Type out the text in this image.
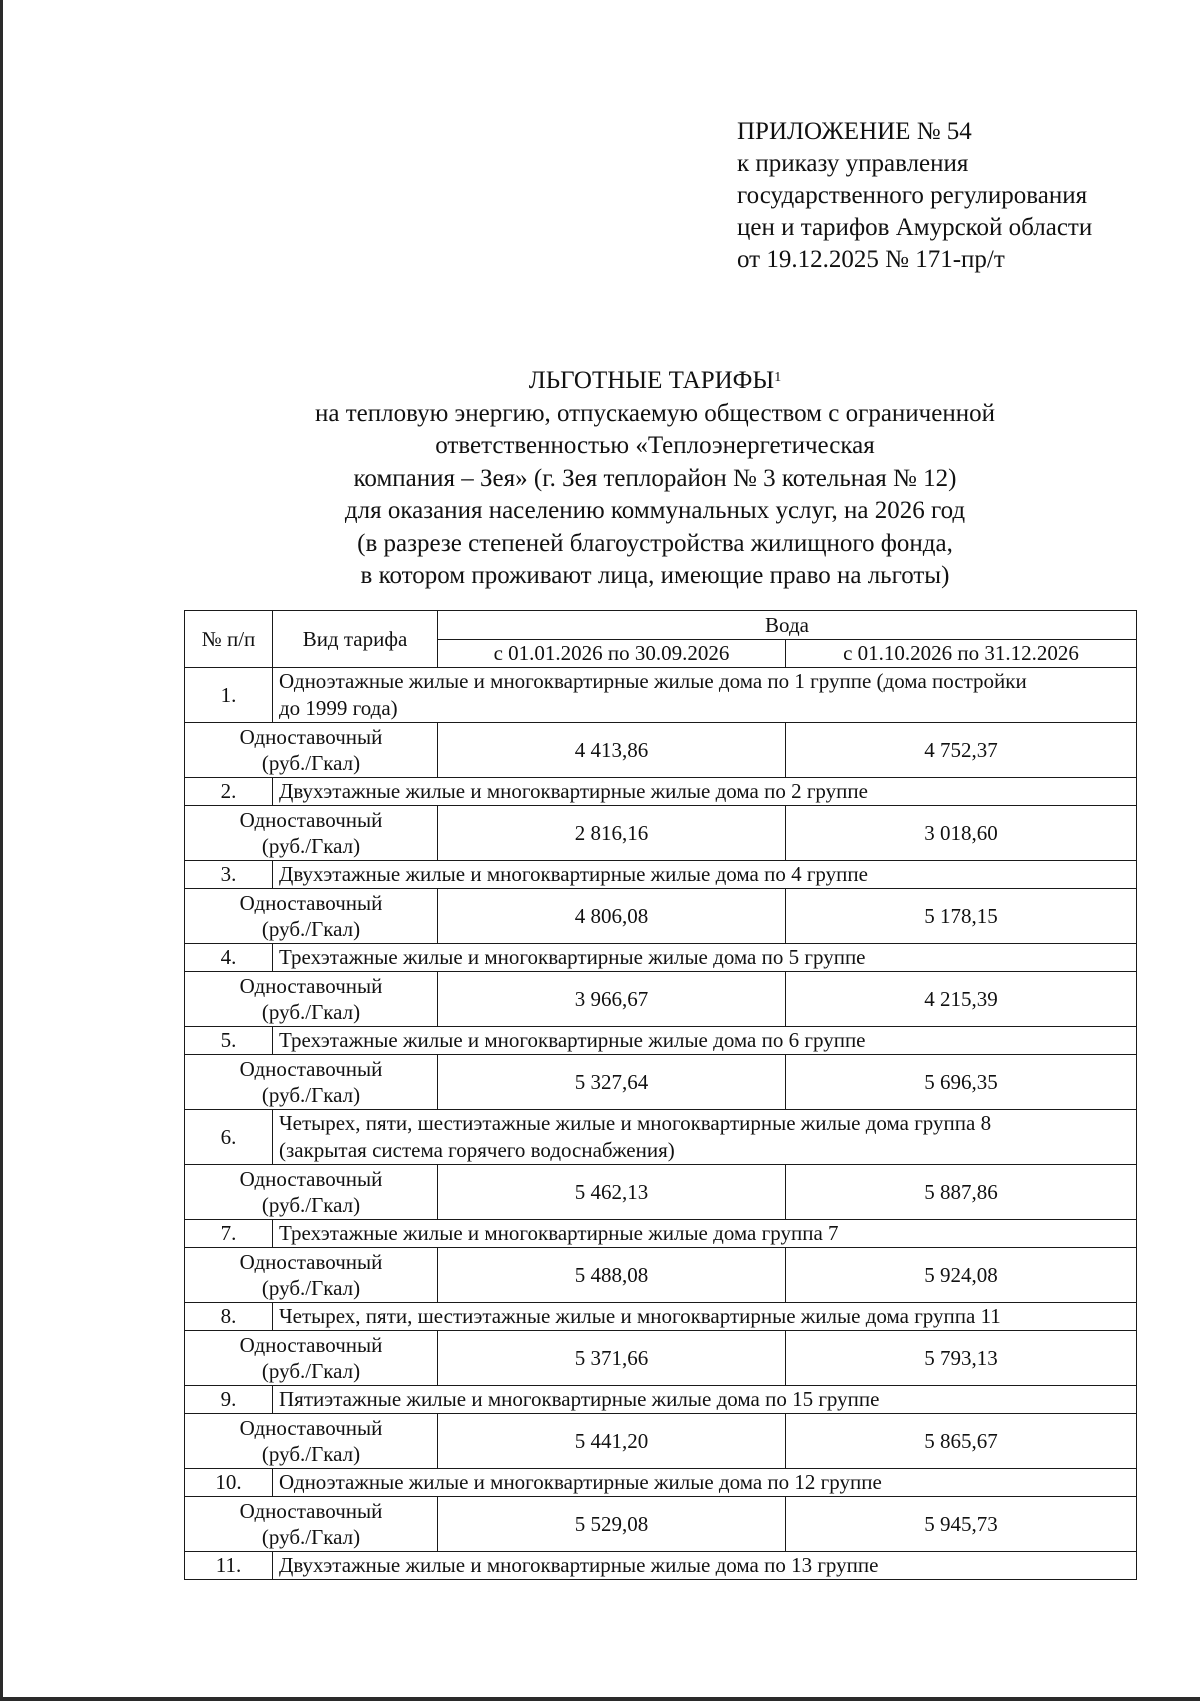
ПРИЛОЖЕНИЕ № 54
к приказу управления
государственного регулирования
цен и тарифов Амурской области
от 19.12.2025 № 171-пр/т
ЛЬГОТНЫЕ ТАРИФЫ$^1$
на тепловую энергию, отпускаемую обществом с ограниченной
ответственностью «Теплоэнергетическая
компания – Зея» (г. Зея теплорайон № 3 котельная № 12)
для оказания населению коммунальных услуг, на 2026 год
(в разрезе степеней благоустройства жилищного фонда,
в котором проживают лица, имеющие право на льготы)
№ п/п	Вид тарифа	Вода	
		с 01.01.2026 по 30.09.2026	с 01.10.2026 по 31.12.2026
1.	Одноэтажные жилые и многоквартирные жилые дома по 1 группе (дома постройки
до 1999 года)		

Одноставочный
(руб./Гкал)		4 413,86	4 752,37
2.	Двухэтажные жилые и многоквартирные жилые дома по 2 группе		

Одноставочный
(руб./Гкал)		2 816,16	3 018,60
3.	Двухэтажные жилые и многоквартирные жилые дома по 4 группе		

Одноставочный
(руб./Гкал)		4 806,08	5 178,15
4.	Трехэтажные жилые и многоквартирные жилые дома по 5 группе		

Одноставочный
(руб./Гкал)		3 966,67	4 215,39
5.	Трехэтажные жилые и многоквартирные жилые дома по 6 группе		

Одноставочный
(руб./Гкал)		5 327,64	5 696,35
6.	Четырех, пяти, шестиэтажные жилые и многоквартирные жилые дома группа 8
(закрытая система горячего водоснабжения)		

Одноставочный
(руб./Гкал)		5 462,13	5 887,86
7.	Трехэтажные жилые и многоквартирные жилые дома группа 7		

Одноставочный
(руб./Гкал)		5 488,08	5 924,08
8.	Четырех, пяти, шестиэтажные жилые и многоквартирные жилые дома группа 11		

Одноставочный
(руб./Гкал)		5 371,66	5 793,13
9.	Пятиэтажные жилые и многоквартирные жилые дома по 15 группе		

Одноставочный
(руб./Гкал)		5 441,20	5 865,67
10.	Одноэтажные жилые и многоквартирные жилые дома по 12 группе		

Одноставочный
(руб./Гкал)		5 529,08	5 945,73
11.	Двухэтажные жилые и многоквартирные жилые дома по 13 группе		
